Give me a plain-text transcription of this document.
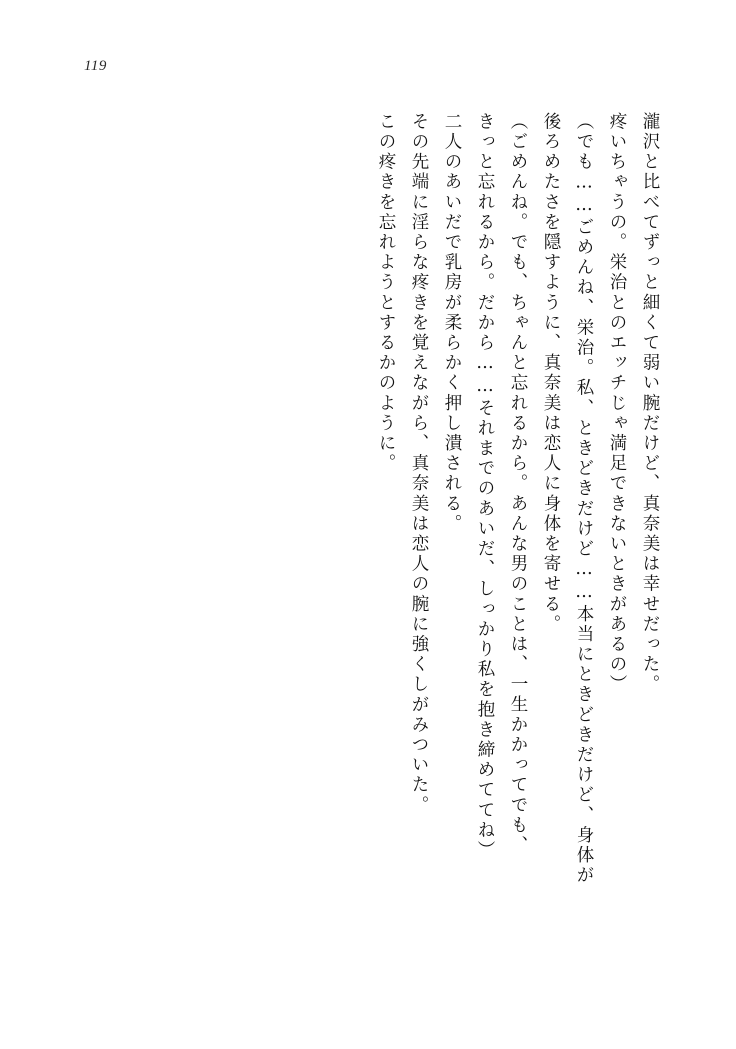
119
瀧沢と比べてずっと細くて弱い腕だけど、真奈美は幸せだった。
疼いちゃうの。栄治とのエッチじゃ満足できないときがあるの）
（でも……ごめんね、栄治。私、ときどきだけど……本当にときどきだけど、身体が
後ろめたさを隠すように、真奈美は恋人に身体を寄せる。
（ごめんね。でも、ちゃんと忘れるから。あんな男のことは、一生かかってでも、
きっと忘れるから。だから……それまでのあいだ、しっかり私を抱き締めててね）
二人のあいだで乳房が柔らかく押し潰される。
その先端に淫らな疼きを覚えながら、真奈美は恋人の腕に強くしがみついた。
この疼きを忘れようとするかのように。
